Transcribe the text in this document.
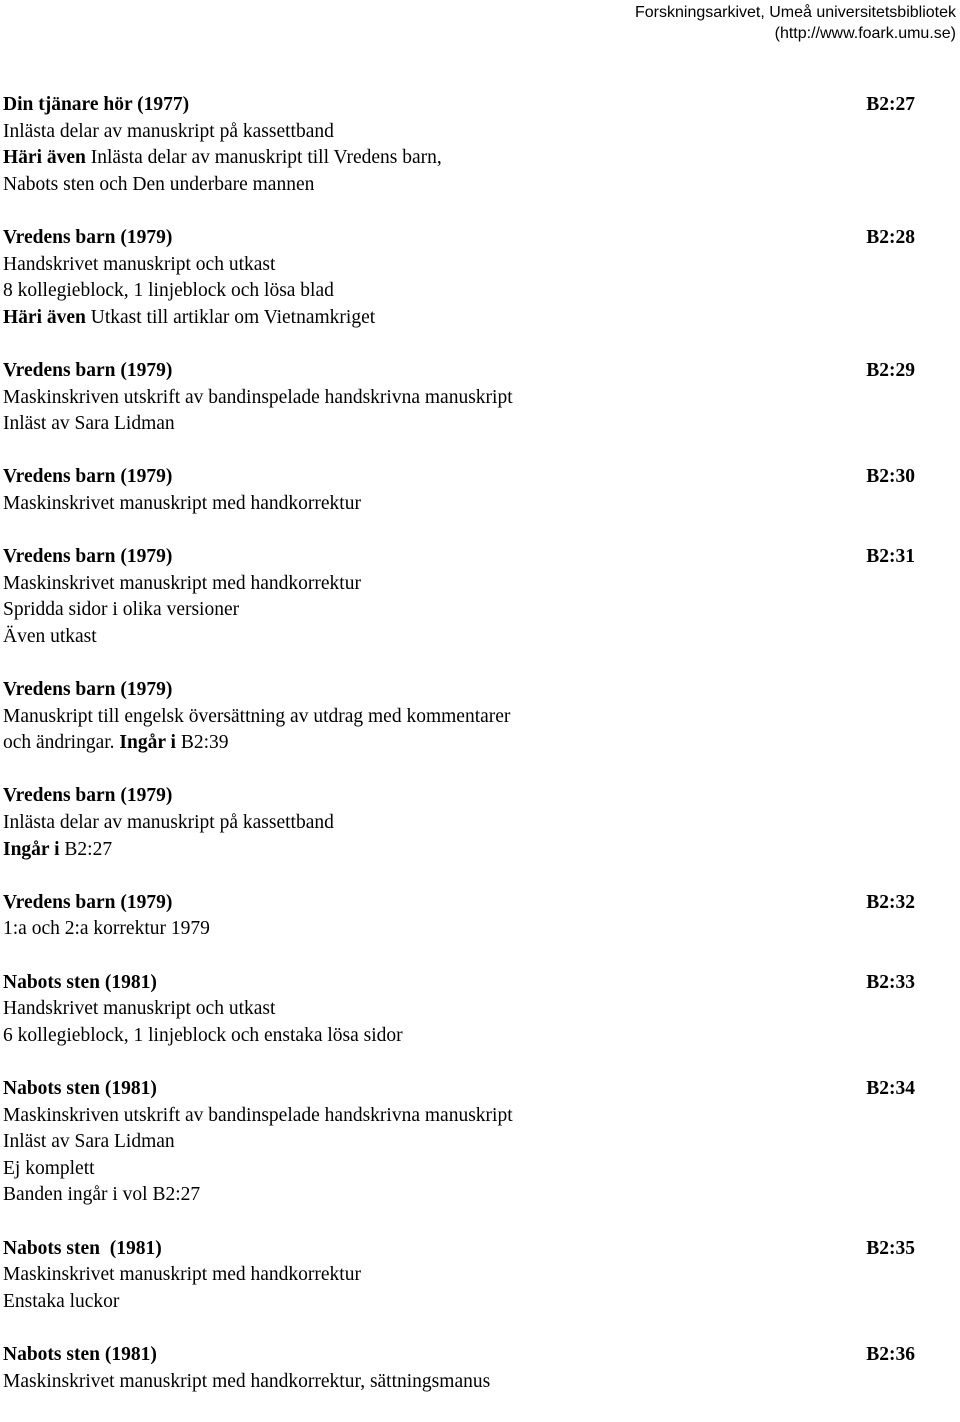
Forskningsarkivet, Umeå universitetsbibliotek
(http://www.foark.umu.se)
Din tjänare hör (1977)	B2:27
Inlästa delar av manuskript på kassettband
Häri även Inlästa delar av manuskript till Vredens barn,
Nabots sten och Den underbare mannen
Vredens barn (1979)	B2:28
Handskrivet manuskript och utkast
8 kollegieblock, 1 linjeblock och lösa blad
Häri även Utkast till artiklar om Vietnamkriget
Vredens barn (1979)	B2:29
Maskinskriven utskrift av bandinspelade handskrivna manuskript
Inläst av Sara Lidman
Vredens barn (1979)	B2:30
Maskinskrivet manuskript med handkorrektur
Vredens barn (1979)	B2:31
Maskinskrivet manuskript med handkorrektur
Spridda sidor i olika versioner
Även utkast
Vredens barn (1979)
Manuskript till engelsk översättning av utdrag med kommentarer
och ändringar. Ingår i B2:39
Vredens barn (1979)
Inlästa delar av manuskript på kassettband
Ingår i B2:27
Vredens barn (1979)	B2:32
1:a och 2:a korrektur 1979
Nabots sten (1981)	B2:33
Handskrivet manuskript och utkast
6 kollegieblock, 1 linjeblock och enstaka lösa sidor
Nabots sten (1981)	B2:34
Maskinskriven utskrift av bandinspelade handskrivna manuskript
Inläst av Sara Lidman
Ej komplett
Banden ingår i vol B2:27
Nabots sten  (1981)	B2:35
Maskinskrivet manuskript med handkorrektur
Enstaka luckor
Nabots sten (1981)	B2:36
Maskinskrivet manuskript med handkorrektur, sättningsmanus
